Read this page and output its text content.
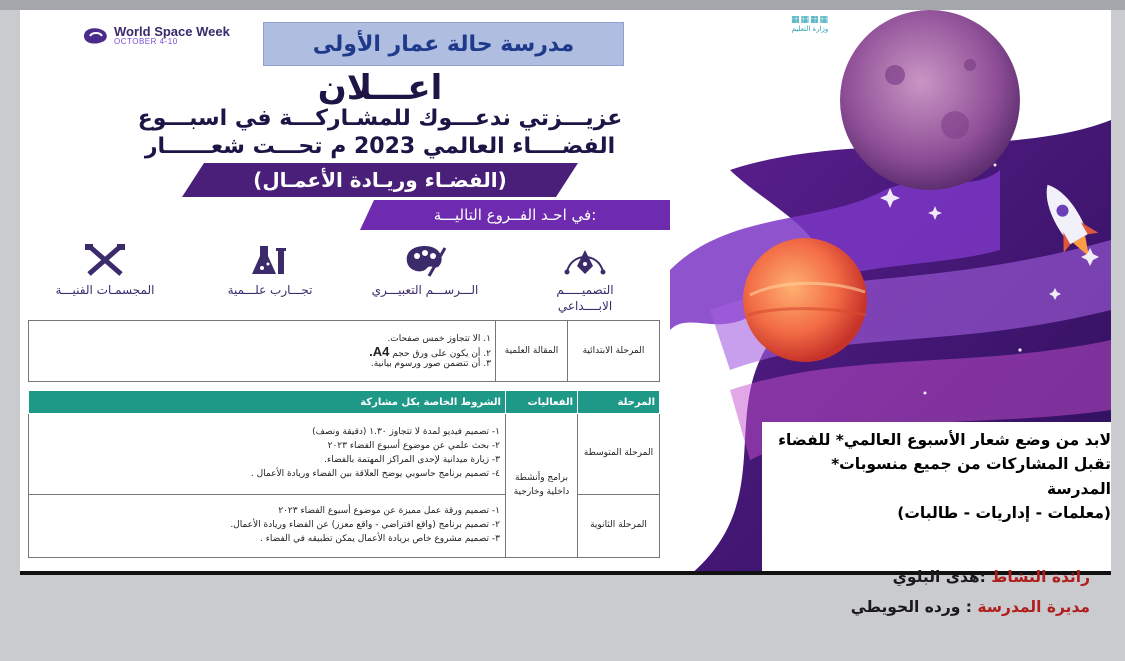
World Space Week
OCTOBER 4-10	مدرسة حالة عمار الأولى
▦▦▦▦
وزارة التعليم
اعـــلان
عزيـــزتي ندعـــوك للمشـاركـــة في اسبـــوع
الفضــــاء العالمي 2023 م تحـــت شعــــــار
(الفضـاء وريـادة الأعمـال)
في احـد الفــروع التاليـــة:
التصميـــــم الابــــداعي
الـــرســـم التعبيـــري
تجـــارب علـــمية
المجسمـات الفنيـــة
المرحلة الابتدائية	المقالة العلمية	
١. الا تتجاوز خمس صفحات.
٢. أن يكون على ورق حجم A4.
٣. أن تتضمن صور ورسوم بيانية.
المرحلة	الفعاليات	الشروط الخاصة بكل مشاركة
المرحلة المتوسطة	برامج وأنشطة داخلية وخارجية	١- تصميم فيديو لمدة لا تتجاوز ١.٣٠ (دقيقة ونصف)
٢- بحث علمي عن موضوع أسبوع الفضاء ٢٠٢٣
٣- زيارة ميدانية لإحدى المراكز المهتمة بالفضاء.
٤- تصميم برنامج حاسوبي يوضح العلاقة بين الفضاء وريادة الأعمال .

المرحلة الثانوية		١- تصميم ورقة عمل مميزة عن موضوع أسبوع الفضاء ٢٠٢٣
٢- تصميم برنامج (واقع افتراضي - واقع معزز) عن الفضاء وريادة الأعمال.
٣- تصميم مشروع خاص بريادة الأعمال يمكن تطبيقه في الفضاء .
لابد من وضع شعار الأسبوع العالمي* للفضاء
تقبل المشاركات من جميع منسوبات* المدرسة
(معلمات - إداريات - طالبات)
رائدة النشاط :هدى البلوي
مديرة المدرسة : ورده الحويطي
